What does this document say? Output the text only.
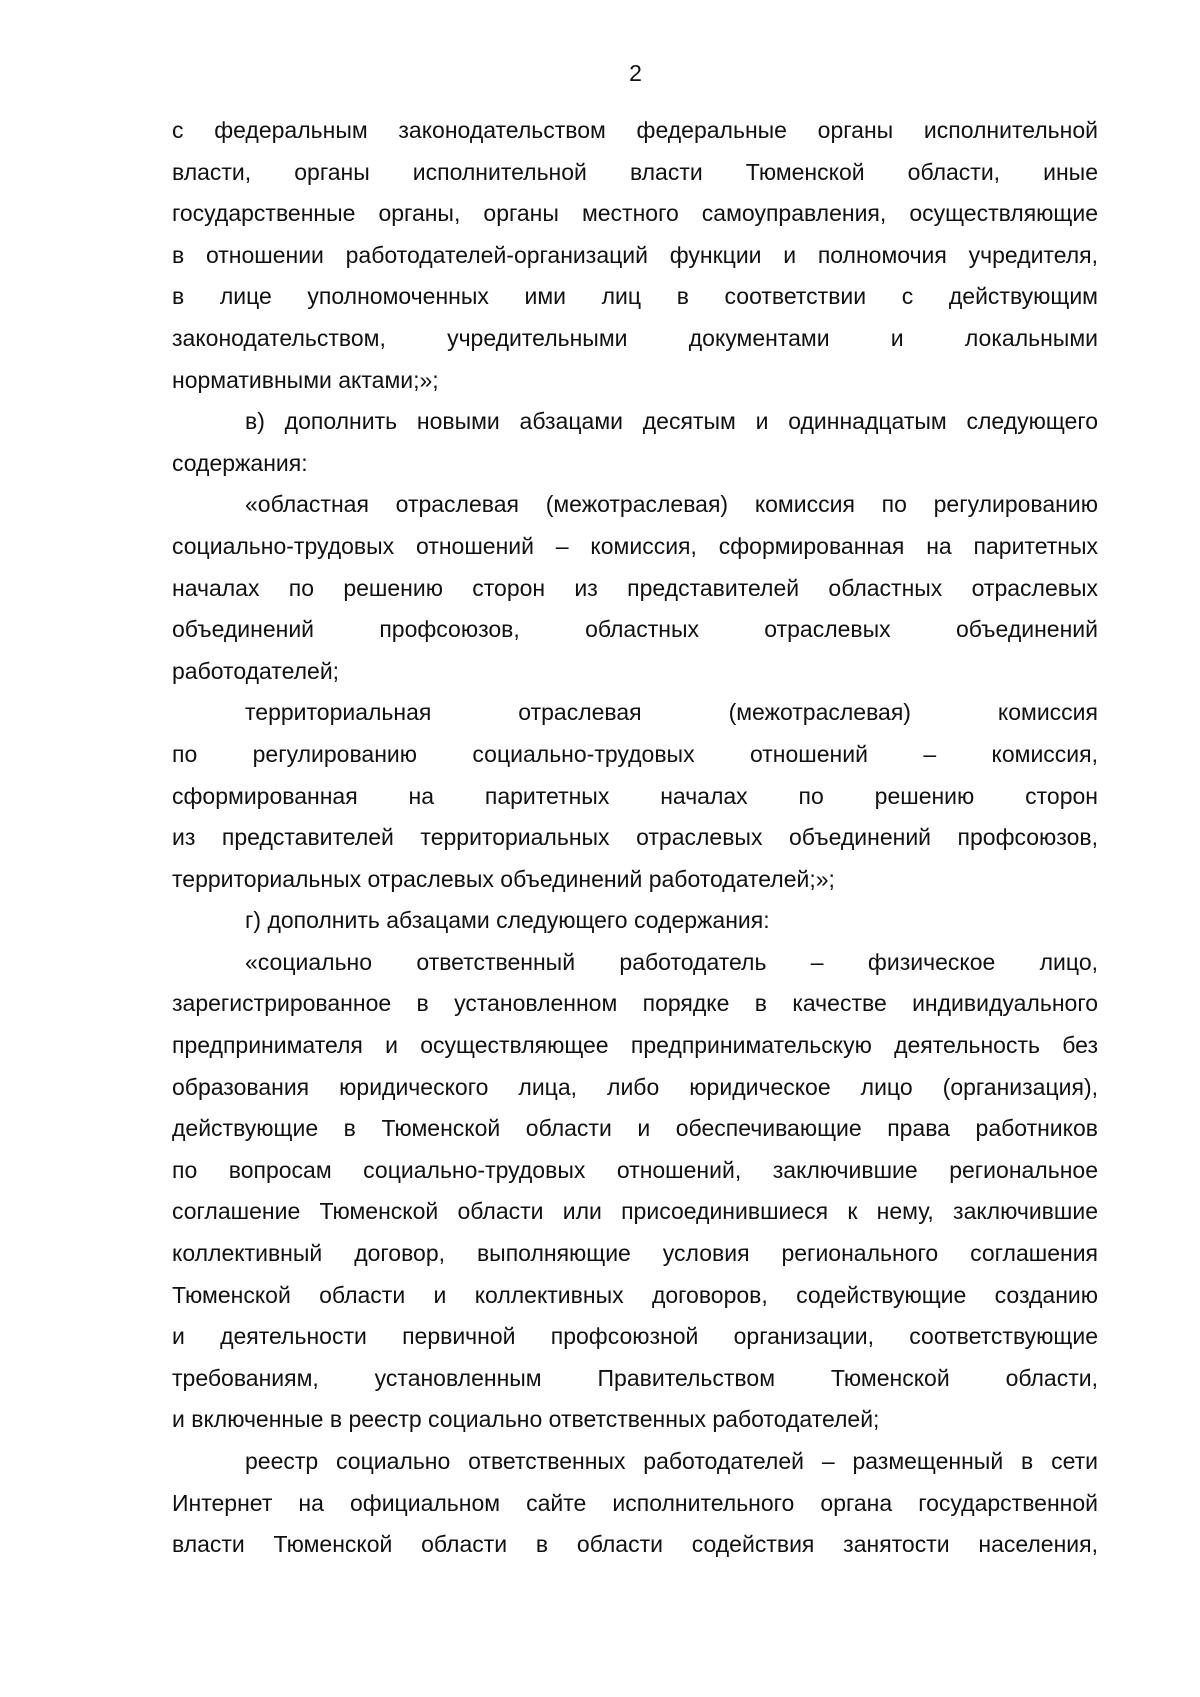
2

с федеральным законодательством федеральные органы исполнительной

власти, органы исполнительной власти Тюменской области, иные

государственные органы, органы местного самоуправления, осуществляющие

в отношении работодателей-организаций функции и полномочия учредителя,

в лице уполномоченных ими лиц в соответствии с действующим

законодательством, учредительными документами и локальными

нормативными актами;»;

в) дополнить новыми абзацами десятым и одиннадцатым следующего

содержания:

«областная отраслевая (межотраслевая) комиссия по регулированию

социально-трудовых отношений – комиссия, сформированная на паритетных

началах по решению сторон из представителей областных отраслевых

объединений профсоюзов, областных отраслевых объединений

работодателей;

территориальная отраслевая (межотраслевая) комиссия

по регулированию социально-трудовых отношений – комиссия,

сформированная на паритетных началах по решению сторон

из представителей территориальных отраслевых объединений профсоюзов,

территориальных отраслевых объединений работодателей;»;

г) дополнить абзацами следующего содержания:

«социально ответственный работодатель – физическое лицо,

зарегистрированное в установленном порядке в качестве индивидуального

предпринимателя и осуществляющее предпринимательскую деятельность без

образования юридического лица, либо юридическое лицо (организация),

действующие в Тюменской области и обеспечивающие права работников

по вопросам социально-трудовых отношений, заключившие региональное

соглашение Тюменской области или присоединившиеся к нему, заключившие

коллективный договор, выполняющие условия регионального соглашения

Тюменской области и коллективных договоров, содействующие созданию

и деятельности первичной профсоюзной организации, соответствующие

требованиям, установленным Правительством Тюменской области,

и включенные в реестр социально ответственных работодателей;

реестр социально ответственных работодателей – размещенный в сети

Интернет на официальном сайте исполнительного органа государственной

власти Тюменской области в области содействия занятости населения,
